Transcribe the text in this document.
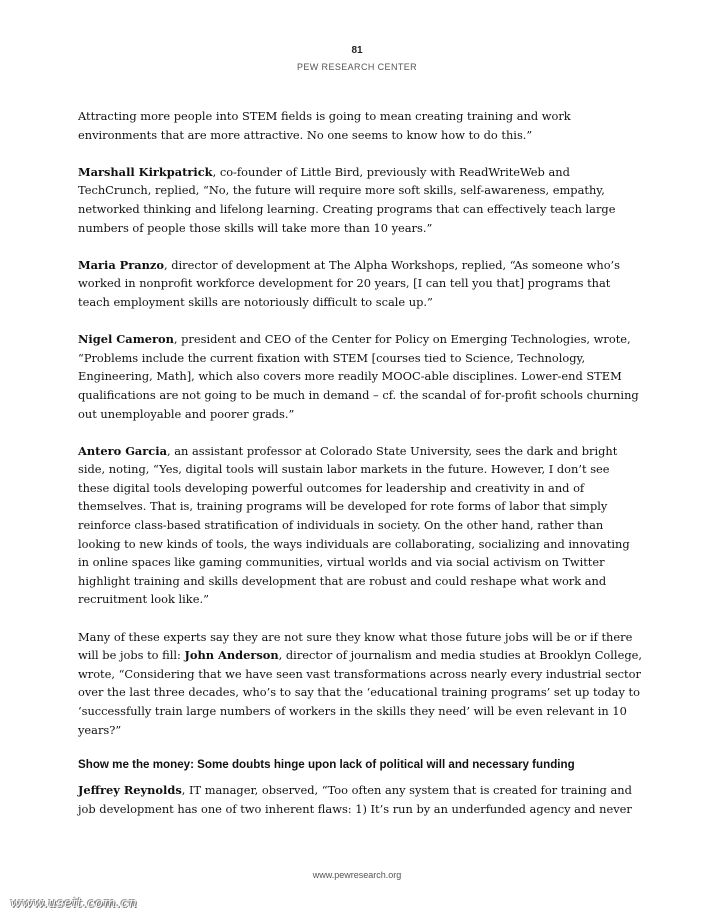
81
PEW RESEARCH CENTER

Attracting more people into STEM fields is going to mean creating training and work environments that are more attractive. No one seems to know how to do this.”

Marshall Kirkpatrick, co-founder of Little Bird, previously with ReadWriteWeb and TechCrunch, replied, “No, the future will require more soft skills, self-awareness, empathy, networked thinking and lifelong learning. Creating programs that can effectively teach large numbers of people those skills will take more than 10 years.”

Maria Pranzo, director of development at The Alpha Workshops, replied, “As someone who’s worked in nonprofit workforce development for 20 years, [I can tell you that] programs that teach employment skills are notoriously difficult to scale up.”

Nigel Cameron, president and CEO of the Center for Policy on Emerging Technologies, wrote, “Problems include the current fixation with STEM [courses tied to Science, Technology, Engineering, Math], which also covers more readily MOOC-able disciplines. Lower-end STEM qualifications are not going to be much in demand – cf. the scandal of for-profit schools churning out unemployable and poorer grads.”

Antero Garcia, an assistant professor at Colorado State University, sees the dark and bright side, noting, “Yes, digital tools will sustain labor markets in the future. However, I don’t see these digital tools developing powerful outcomes for leadership and creativity in and of themselves. That is, training programs will be developed for rote forms of labor that simply reinforce class-based stratification of individuals in society. On the other hand, rather than looking to new kinds of tools, the ways individuals are collaborating, socializing and innovating in online spaces like gaming communities, virtual worlds and via social activism on Twitter highlight training and skills development that are robust and could reshape what work and recruitment look like.”

Many of these experts say they are not sure they know what those future jobs will be or if there will be jobs to fill: John Anderson, director of journalism and media studies at Brooklyn College, wrote, “Considering that we have seen vast transformations across nearly every industrial sector over the last three decades, who’s to say that the ‘educational training programs’ set up today to ‘successfully train large numbers of workers in the skills they need’ will be even relevant in 10 years?”

Show me the money: Some doubts hinge upon lack of political will and necessary funding

Jeffrey Reynolds, IT manager, observed, “Too often any system that is created for training and job development has one of two inherent flaws: 1) It’s run by an underfunded agency and never

www.pewresearch.org
www.useit.com.cn
